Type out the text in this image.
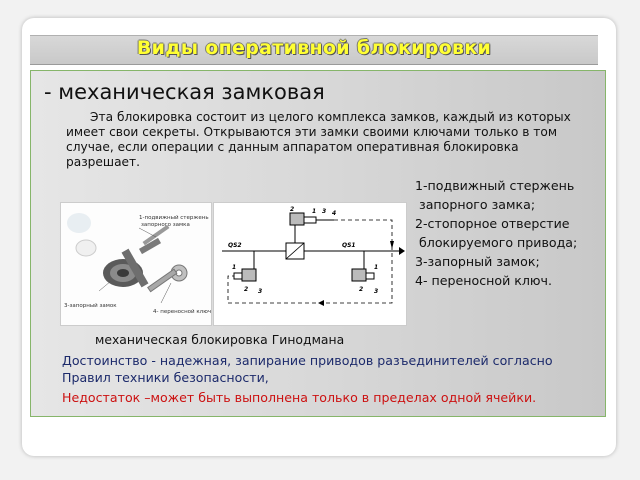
Виды оперативной блокировки
- механическая замковая
Эта блокировка состоит из целого комплекса замков, каждый из которых имеет свои секреты. Открываются эти замки своими ключами только в том случае, если операции с данным аппаратом оперативная блокировка разрешает.
1-подвижный стержень
запорного замка;
2-стопорное отверстие
блокируемого привода;
3-запорный замок;
4- переносной ключ.
1-подвижный стержень
запорного замка
3-запорный замок
4- переносной ключ
1 3 4
2
2 3
1
2
1
3
QS2	QS1
механическая блокировка Гинодмана
Достоинство - надежная, запирание приводов разъединителей согласно Правил техники безопасности,
Недостаток –может быть выполнена только в пределах одной ячейки.
